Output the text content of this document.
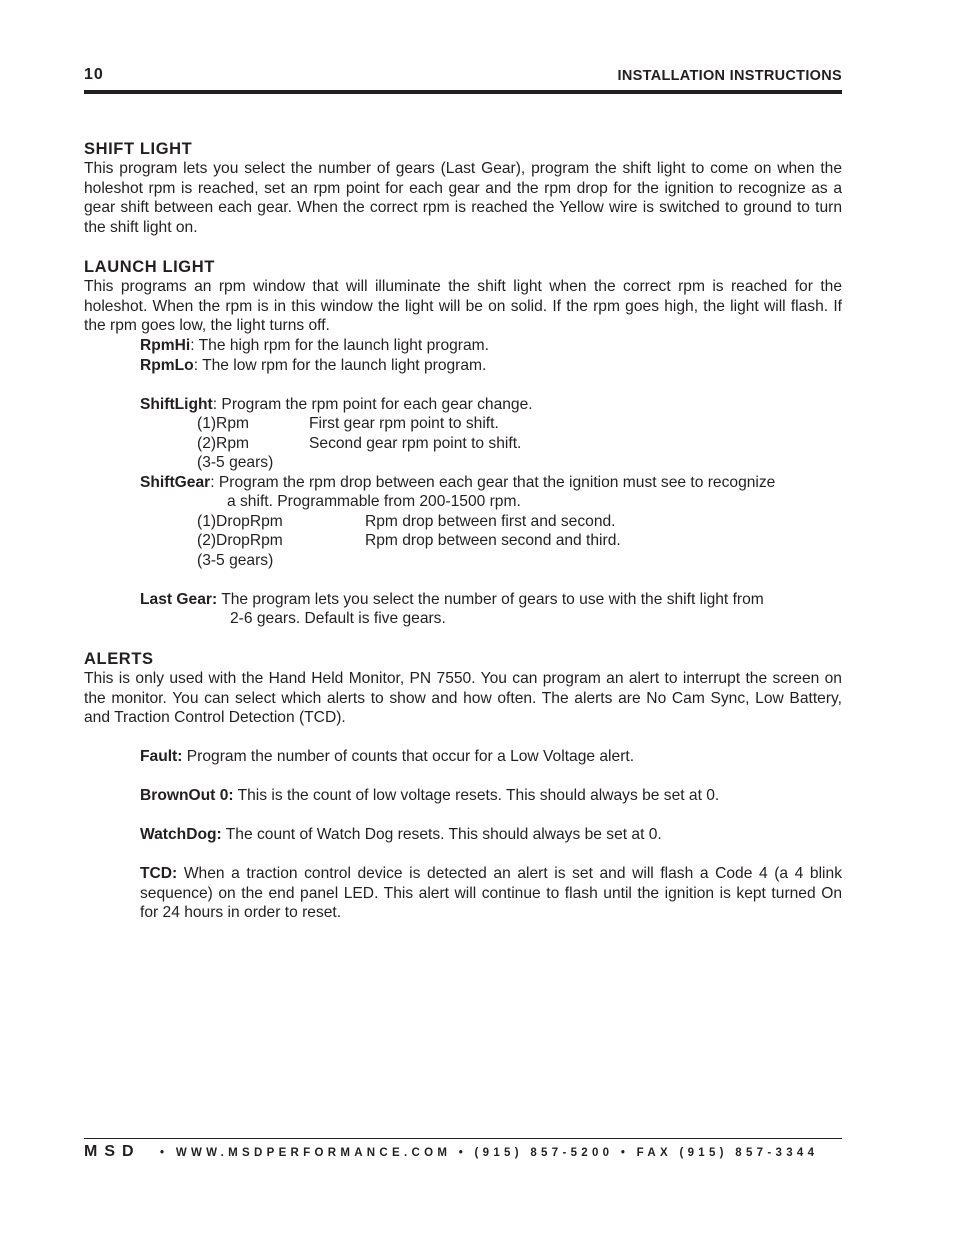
10	INSTALLATION INSTRUCTIONS
SHIFT LIGHT

This program lets you select the number of gears (Last Gear), program the shift light to come on when the holeshot rpm is reached, set an rpm point for each gear and the rpm drop for the ignition to recognize as a gear shift between each gear. When the correct rpm is reached the Yellow wire is switched to ground to turn the shift light on.

LAUNCH LIGHT

This programs an rpm window that will illuminate the shift light when the correct rpm is reached for the holeshot. When the rpm is in this window the light will be on solid. If the rpm goes high, the light will flash. If the rpm goes low, the light turns off.

RpmHi: The high rpm for the launch light program.
RpmLo: The low rpm for the launch light program.
ShiftLight: Program the rpm point for each gear change.
(1)Rpm	First gear rpm point to shift.
(2)Rpm	Second gear rpm point to shift.
(3-5 gears)
ShiftGear: Program the rpm drop between each gear that the ignition must see to recognize
a shift. Programmable from 200-1500 rpm.
(1)DropRpm	Rpm drop between first and second.
(2)DropRpm	Rpm drop between second and third.
(3-5 gears)
Last Gear: The program lets you select the number of gears to use with the shift light from
2-6 gears. Default is five gears.
ALERTS

This is only used with the Hand Held Monitor, PN 7550. You can program an alert to interrupt the screen on the monitor. You can select which alerts to show and how often. The alerts are No Cam Sync, Low Battery, and Traction Control Detection (TCD).

Fault: Program the number of counts that occur for a Low Voltage alert.
BrownOut 0: This is the count of low voltage resets. This should always be set at 0.
WatchDog: The count of Watch Dog resets. This should always be set at 0.

TCD: When a traction control device is detected an alert is set and will flash a Code 4 (a 4 blink sequence) on the end panel LED. This alert will continue to flash until the ignition is kept turned On for 24 hours in order to reset.

MSD • WWW.MSDPERFORMANCE.COM • (915) 857-5200 • FAX (915) 857-3344
